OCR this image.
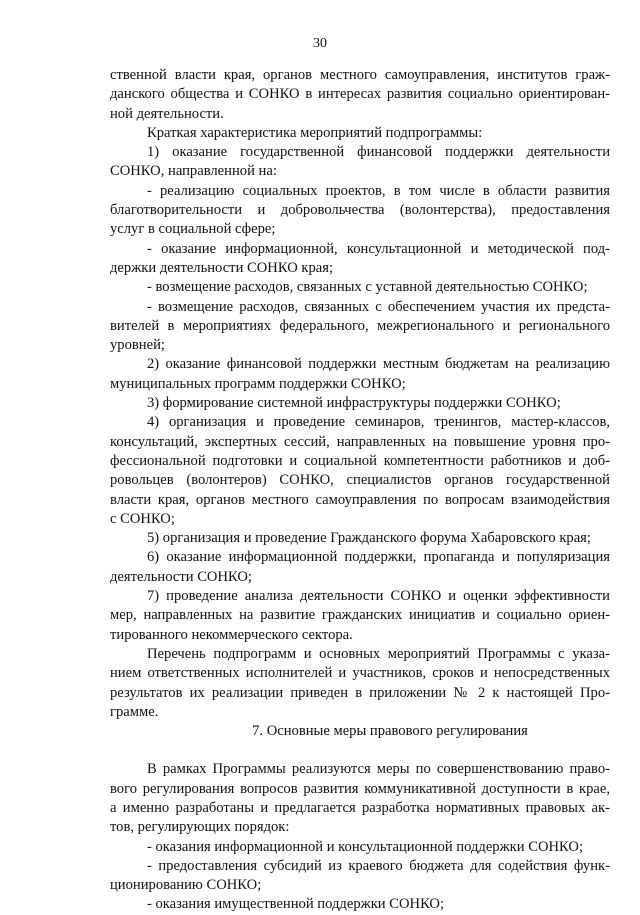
30
ственной власти края, органов местного самоуправления, институтов граж-
данского общества и СОНКО в интересах развития социально ориентирован-
ной деятельности.
Краткая характеристика мероприятий подпрограммы:
1) оказание государственной финансовой поддержки деятельности
СОНКО, направленной на:
- реализацию социальных проектов, в том числе в области развития
благотворительности и добровольчества (волонтерства), предоставления
услуг в социальной сфере;
- оказание информационной, консультационной и методической под-
держки деятельности СОНКО края;
- возмещение расходов, связанных с уставной деятельностью СОНКО;
- возмещение расходов, связанных с обеспечением участия их предста-
вителей в мероприятиях федерального, межрегионального и регионального
уровней;
2) оказание финансовой поддержки местным бюджетам на реализацию
муниципальных программ поддержки СОНКО;
3) формирование системной инфраструктуры поддержки СОНКО;
4) организация и проведение семинаров, тренингов, мастер-классов,
консультаций, экспертных сессий, направленных на повышение уровня про-
фессиональной подготовки и социальной компетентности работников и доб-
ровольцев (волонтеров) СОНКО, специалистов органов государственной
власти края, органов местного самоуправления по вопросам взаимодействия
с СОНКО;
5) организация и проведение Гражданского форума Хабаровского края;
6) оказание информационной поддержки, пропаганда и популяризация
деятельности СОНКО;
7) проведение анализа деятельности СОНКО и оценки эффективности
мер, направленных на развитие гражданских инициатив и социально ориен-
тированного некоммерческого сектора.
Перечень подпрограмм и основных мероприятий Программы с указа-
нием ответственных исполнителей и участников, сроков и непосредственных
результатов их реализации приведен в приложении № 2 к настоящей Про-
грамме.
7. Основные меры правового регулирования
В рамках Программы реализуются меры по совершенствованию право-
вого регулирования вопросов развития коммуникативной доступности в крае,
а именно разработаны и предлагается разработка нормативных правовых ак-
тов, регулирующих порядок:
- оказания информационной и консультационной поддержки СОНКО;
- предоставления субсидий из краевого бюджета для содействия функ-
ционированию СОНКО;
- оказания имущественной поддержки СОНКО;
